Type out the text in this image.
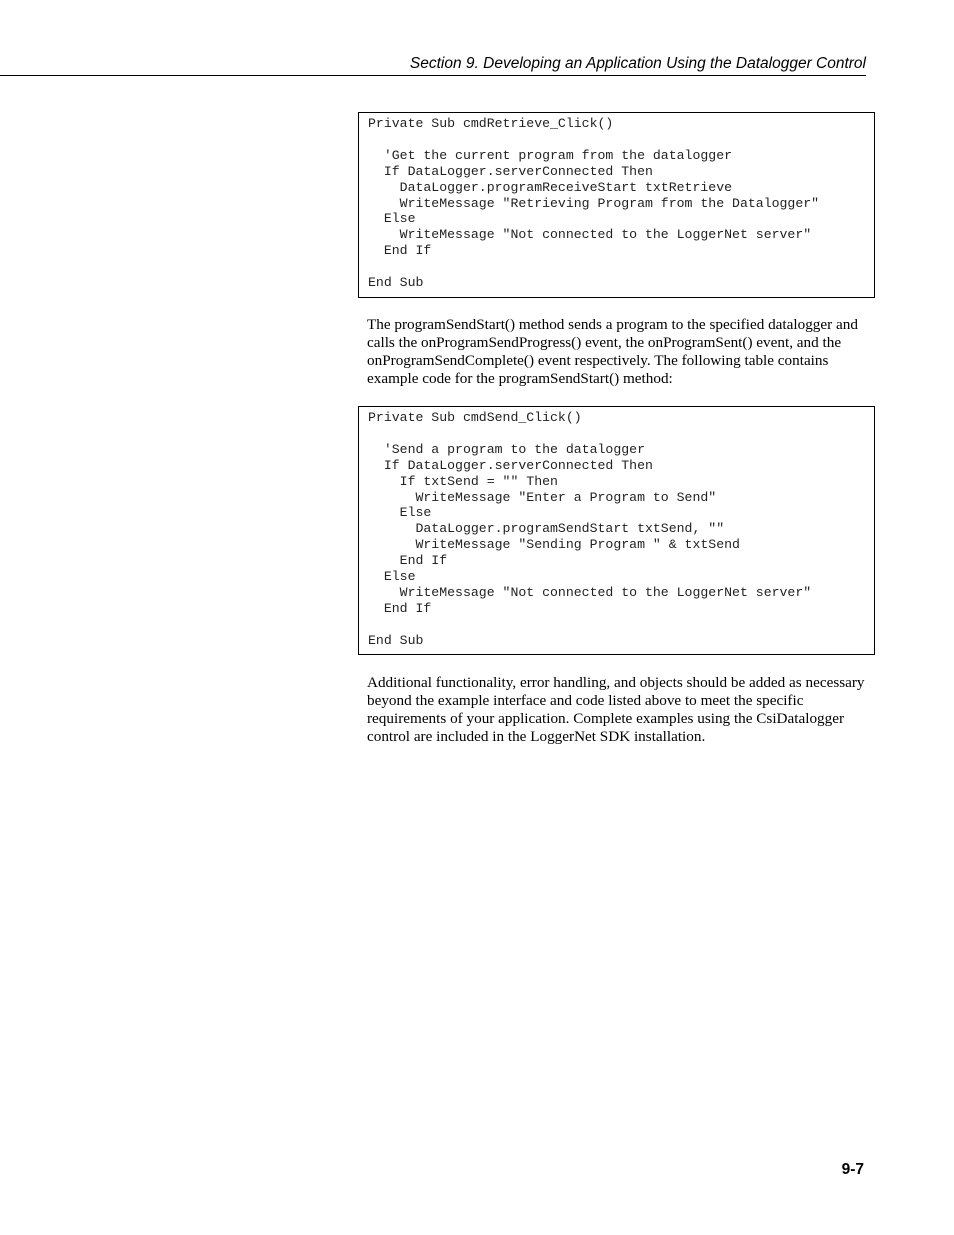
Section 9. Developing an Application Using the Datalogger Control
Private Sub cmdRetrieve_Click()

'Get the current program from the datalogger
If DataLogger.serverConnected Then
DataLogger.programReceiveStart txtRetrieve
WriteMessage "Retrieving Program from the Datalogger"
Else
WriteMessage "Not connected to the LoggerNet server"
End If

End Sub

The programSendStart() method sends a program to the specified datalogger and calls the onProgramSendProgress() event, the onProgramSent() event, and the onProgramSendComplete() event respectively. The following table contains example code for the programSendStart() method:

Private Sub cmdSend_Click()

'Send a program to the datalogger
If DataLogger.serverConnected Then
If txtSend = "" Then
WriteMessage "Enter a Program to Send"
Else
DataLogger.programSendStart txtSend, ""
WriteMessage "Sending Program " & txtSend
End If
Else
WriteMessage "Not connected to the LoggerNet server"
End If

End Sub

Additional functionality, error handling, and objects should be added as necessary beyond the example interface and code listed above to meet the specific requirements of your application. Complete examples using the CsiDatalogger control are included in the LoggerNet SDK installation.

9-7
